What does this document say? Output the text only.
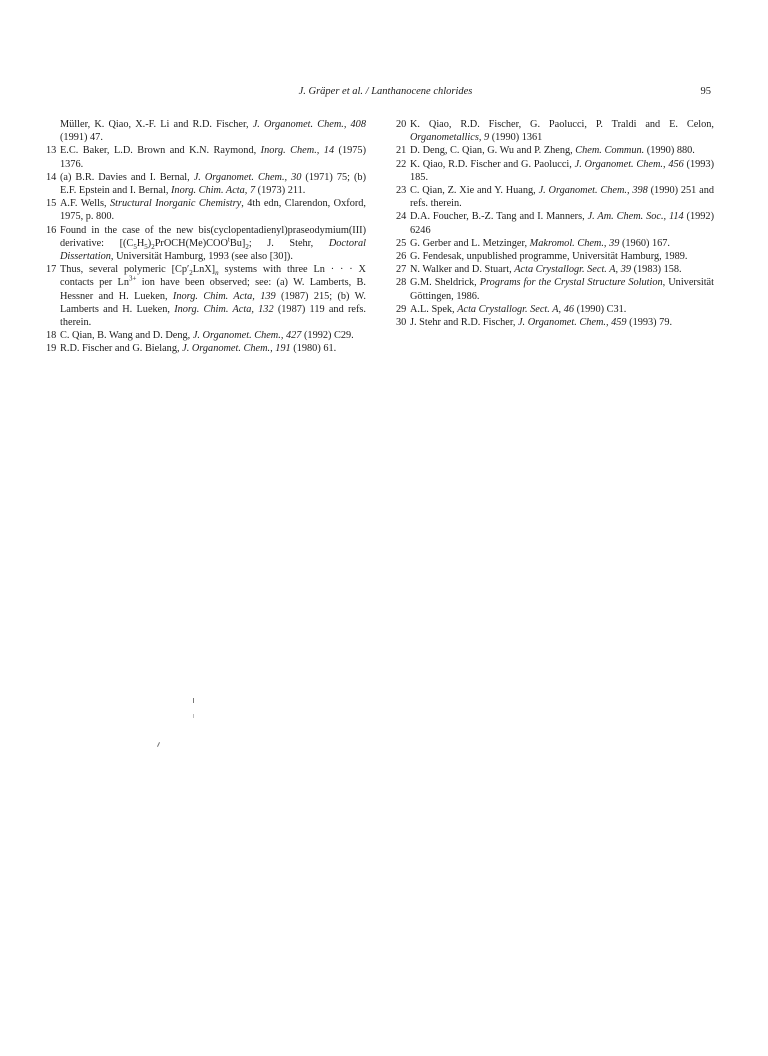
J. Gräper et al. / Lanthanocene chlorides	95
Müller, K. Qiao, X.-F. Li and R.D. Fischer, J. Organomet. Chem., 408 (1991) 47.
13 E.C. Baker, L.D. Brown and K.N. Raymond, Inorg. Chem., 14 (1975) 1376.
14 (a) B.R. Davies and I. Bernal, J. Organomet. Chem., 30 (1971) 75; (b) E.F. Epstein and I. Bernal, Inorg. Chim. Acta, 7 (1973) 211.
15 A.F. Wells, Structural Inorganic Chemistry, 4th edn, Clarendon, Oxford, 1975, p. 800.
16 Found in the case of the new bis(cyclopentadienyl)praseodymium(III) derivative: $[(C_5H_5)_2PrOCH(Me)COO^tBu]_2$; J. Stehr, Doctoral Dissertation, Universität Hamburg, 1993 (see also [30]).
17 Thus, several polymeric $[Cp'_2LnX]_n$ systems with three Ln · · · X contacts per $Ln^{3+}$ ion have been observed; see: (a) W. Lamberts, B. Hessner and H. Lueken, Inorg. Chim. Acta, 139 (1987) 215; (b) W. Lamberts and H. Lueken, Inorg. Chim. Acta, 132 (1987) 119 and refs. therein.
18 C. Qian, B. Wang and D. Deng, J. Organomet. Chem., 427 (1992) C29.
19 R.D. Fischer and G. Bielang, J. Organomet. Chem., 191 (1980) 61.
20 K. Qiao, R.D. Fischer, G. Paolucci, P. Traldi and E. Celon, Organometallics, 9 (1990) 1361
21 D. Deng, C. Qian, G. Wu and P. Zheng, Chem. Commun. (1990) 880.
22 K. Qiao, R.D. Fischer and G. Paolucci, J. Organomet. Chem., 456 (1993) 185.
23 C. Qian, Z. Xie and Y. Huang, J. Organomet. Chem., 398 (1990) 251 and refs. therein.
24 D.A. Foucher, B.-Z. Tang and I. Manners, J. Am. Chem. Soc., 114 (1992) 6246
25 G. Gerber and L. Metzinger, Makromol. Chem., 39 (1960) 167.
26 G. Fendesak, unpublished programme, Universität Hamburg, 1989.
27 N. Walker and D. Stuart, Acta Crystallogr. Sect. A, 39 (1983) 158.
28 G.M. Sheldrick, Programs for the Crystal Structure Solution, Universität Göttingen, 1986.
29 A.L. Spek, Acta Crystallogr. Sect. A, 46 (1990) C31.
30 J. Stehr and R.D. Fischer, J. Organomet. Chem., 459 (1993) 79.
